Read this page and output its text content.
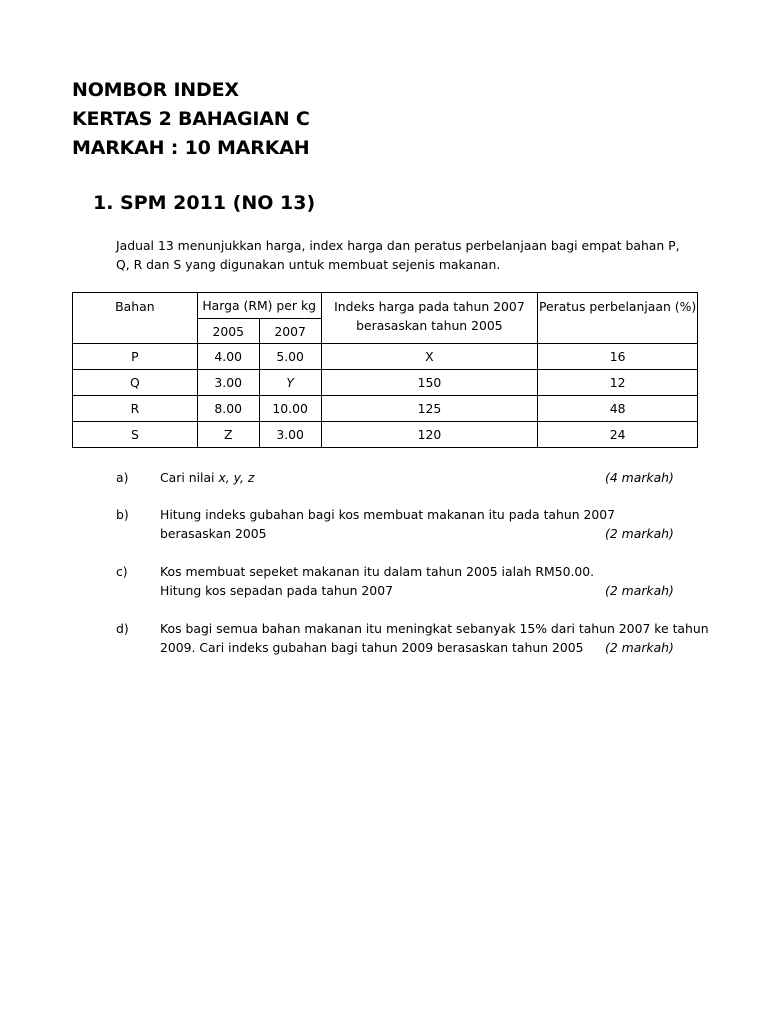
NOMBOR INDEX
KERTAS 2 BAHAGIAN C
MARKAH : 10 MARKAH
1. SPM 2011 (NO 13)
Jadual 13 menunjukkan harga, index harga dan peratus perbelanjaan bagi empat bahan P, Q, R dan S yang digunakan untuk membuat sejenis makanan.
Bahan	Harga (RM) per kg		Indeks harga pada tahun 2007 berasaskan tahun 2005	Peratus perbelanjaan (%)
	2005	2007		
P	4.00	5.00	X	16
Q	3.00	Y	150	12
R	8.00	10.00	125	48
S	Z	3.00	120	24
a)	Cari nilai x, y, z	(4 markah)
b)	Hitung indeks gubahan bagi kos membuat makanan itu pada tahun 2007 berasaskan 2005	(2 markah)
c)	Kos membuat sepeket makanan itu dalam tahun 2005 ialah RM50.00.
Hitung kos sepadan pada tahun 2007	(2 markah)
d)	Kos bagi semua bahan makanan itu meningkat sebanyak 15% dari tahun 2007 ke tahun
2009. Cari indeks gubahan bagi tahun 2009 berasaskan tahun 2005	(2 markah)
